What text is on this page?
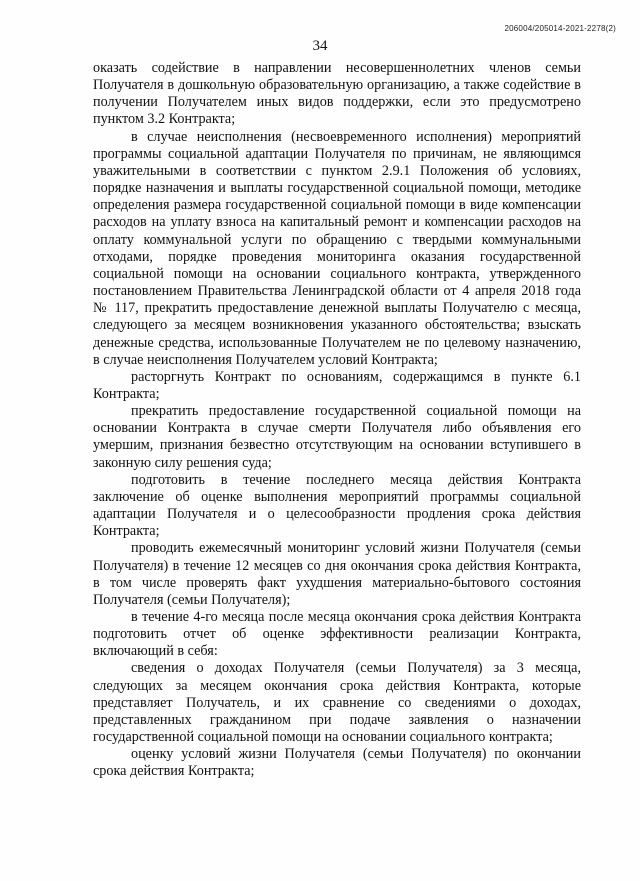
206004/205014-2021-2278(2)
34

оказать содействие в направлении несовершеннолетних членов семьи Получателя в дошкольную образовательную организацию, а также содействие в получении Получателем иных видов поддержки, если это предусмотрено пунктом 3.2 Контракта;

в случае неисполнения (несвоевременного исполнения) мероприятий программы социальной адаптации Получателя по причинам, не являющимся уважительными в соответствии с пунктом 2.9.1 Положения об условиях, порядке назначения и выплаты государственной социальной помощи, методике определения размера государственной социальной помощи в виде компенсации расходов на уплату взноса на капитальный ремонт и компенсации расходов на оплату коммунальной услуги по обращению с твердыми коммунальными отходами, порядке проведения мониторинга оказания государственной социальной помощи на основании социального контракта, утвержденного постановлением Правительства Ленинградской области от 4 апреля 2018 года № 117, прекратить предоставление денежной выплаты Получателю с месяца, следующего за месяцем возникновения указанного обстоятельства; взыскать денежные средства, использованные Получателем не по целевому назначению, в случае неисполнения Получателем условий Контракта;

расторгнуть Контракт по основаниям, содержащимся в пункте 6.1 Контракта;

прекратить предоставление государственной социальной помощи на основании Контракта в случае смерти Получателя либо объявления его умершим, признания безвестно отсутствующим на основании вступившего в законную силу решения суда;

подготовить в течение последнего месяца действия Контракта заключение об оценке выполнения мероприятий программы социальной адаптации Получателя и о целесообразности продления срока действия Контракта;

проводить ежемесячный мониторинг условий жизни Получателя (семьи Получателя) в течение 12 месяцев со дня окончания срока действия Контракта, в том числе проверять факт ухудшения материально-бытового состояния Получателя (семьи Получателя);

в течение 4-го месяца после месяца окончания срока действия Контракта подготовить отчет об оценке эффективности реализации Контракта, включающий в себя:

сведения о доходах Получателя (семьи Получателя) за 3 месяца, следующих за месяцем окончания срока действия Контракта, которые представляет Получатель, и их сравнение со сведениями о доходах, представленных гражданином при подаче заявления о назначении государственной социальной помощи на основании социального контракта;

оценку условий жизни Получателя (семьи Получателя) по окончании срока действия Контракта;
